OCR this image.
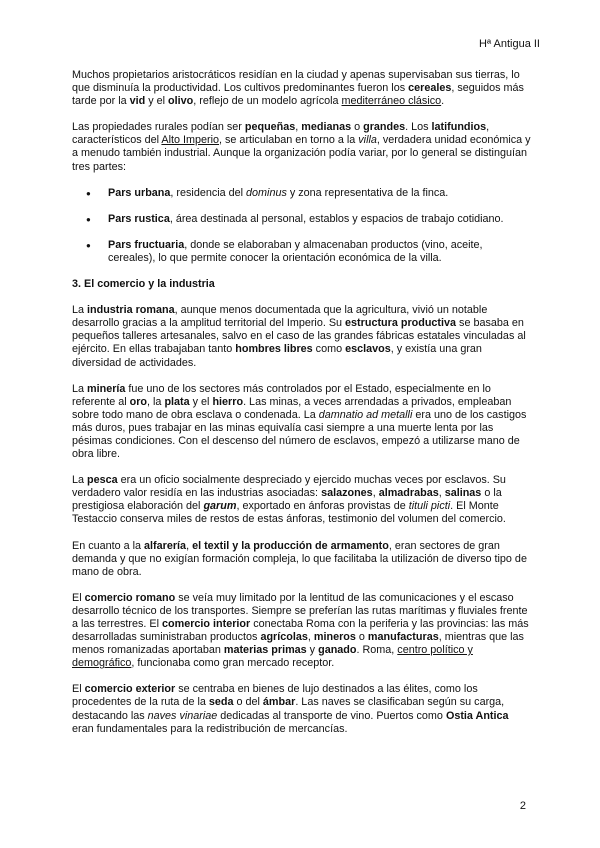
Hª Antigua II

Muchos propietarios aristocráticos residían en la ciudad y apenas supervisaban sus tierras, lo que disminuía la productividad. Los cultivos predominantes fueron los cereales, seguidos más tarde por la vid y el olivo, reflejo de un modelo agrícola mediterráneo clásico.

Las propiedades rurales podían ser pequeñas, medianas o grandes. Los latifundios, característicos del Alto Imperio, se articulaban en torno a la villa, verdadera unidad económica y a menudo también industrial. Aunque la organización podía variar, por lo general se distinguían tres partes:

● Pars urbana, residencia del dominus y zona representativa de la finca.
● Pars rustica, área destinada al personal, establos y espacios de trabajo cotidiano.
● Pars fructuaria, donde se elaboraban y almacenaban productos (vino, aceite, cereales), lo que permite conocer la orientación económica de la villa.
3. El comercio y la industria

La industria romana, aunque menos documentada que la agricultura, vivió un notable desarrollo gracias a la amplitud territorial del Imperio. Su estructura productiva se basaba en pequeños talleres artesanales, salvo en el caso de las grandes fábricas estatales vinculadas al ejército. En ellas trabajaban tanto hombres libres como esclavos, y existía una gran diversidad de actividades.

La minería fue uno de los sectores más controlados por el Estado, especialmente en lo referente al oro, la plata y el hierro. Las minas, a veces arrendadas a privados, empleaban sobre todo mano de obra esclava o condenada. La damnatio ad metalli era uno de los castigos más duros, pues trabajar en las minas equivalía casi siempre a una muerte lenta por las pésimas condiciones. Con el descenso del número de esclavos, empezó a utilizarse mano de obra libre.

La pesca era un oficio socialmente despreciado y ejercido muchas veces por esclavos. Su verdadero valor residía en las industrias asociadas: salazones, almadrabas, salinas o la prestigiosa elaboración del garum, exportado en ánforas provistas de tituli picti. El Monte Testaccio conserva miles de restos de estas ánforas, testimonio del volumen del comercio.

En cuanto a la alfarería, el textil y la producción de armamento, eran sectores de gran demanda y que no exigían formación compleja, lo que facilitaba la utilización de diverso tipo de mano de obra.

El comercio romano se veía muy limitado por la lentitud de las comunicaciones y el escaso desarrollo técnico de los transportes. Siempre se preferían las rutas marítimas y fluviales frente a las terrestres. El comercio interior conectaba Roma con la periferia y las provincias: las más desarrolladas suministraban productos agrícolas, mineros o manufacturas, mientras que las menos romanizadas aportaban materias primas y ganado. Roma, centro político y demográfico, funcionaba como gran mercado receptor.

El comercio exterior se centraba en bienes de lujo destinados a las élites, como los procedentes de la ruta de la seda o del ámbar. Las naves se clasificaban según su carga, destacando las naves vinariae dedicadas al transporte de vino. Puertos como Ostia Antica eran fundamentales para la redistribución de mercancías.

2
